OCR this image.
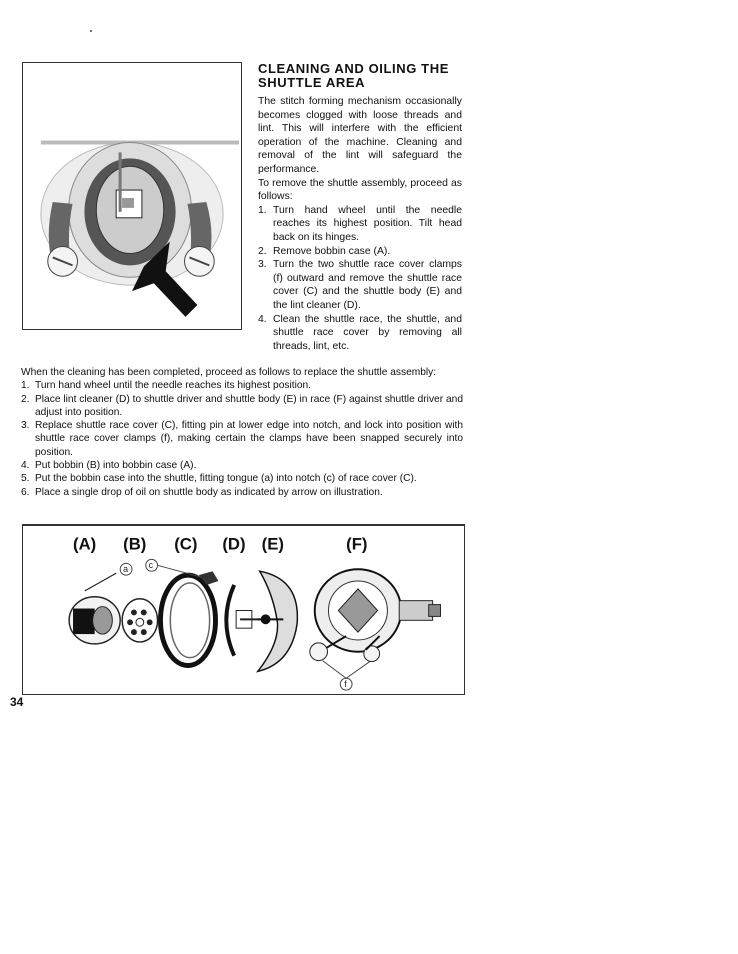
CLEANING AND OILING THE SHUTTLE AREA

The stitch forming mechanism occasionally becomes clogged with loose threads and lint. This will interfere with the efficient operation of the machine. Cleaning and removal of the lint will safeguard the performance.

To remove the shuttle assembly, proceed as follows:

1. Turn hand wheel until the needle reaches its highest position. Tilt head back on its hinges.
2. Remove bobbin case (A).
3. Turn the two shuttle race cover clamps (f) outward and remove the shuttle race cover (C) and the shuttle body (E) and the lint cleaner (D).
4. Clean the shuttle race, the shuttle, and shuttle race cover by removing all threads, lint, etc.

When the cleaning has been completed, proceed as follows to replace the shuttle assembly:

1. Turn hand wheel until the needle reaches its highest position.
2. Place lint cleaner (D) to shuttle driver and shuttle body (E) in race (F) against shuttle driver and adjust into position.
3. Replace shuttle race cover (C), fitting pin at lower edge into notch, and lock into position with shuttle race cover clamps (f), making certain the clamps have been snapped securely into position.
4. Put bobbin (B) into bobbin case (A).
5. Put the bobbin case into the shuttle, fitting tongue (a) into notch (c) of race cover (C).
6. Place a single drop of oil on shuttle body as indicated by arrow on illustration.
(A) (B) (C) (D) (E)	(F)
a c
f
34
